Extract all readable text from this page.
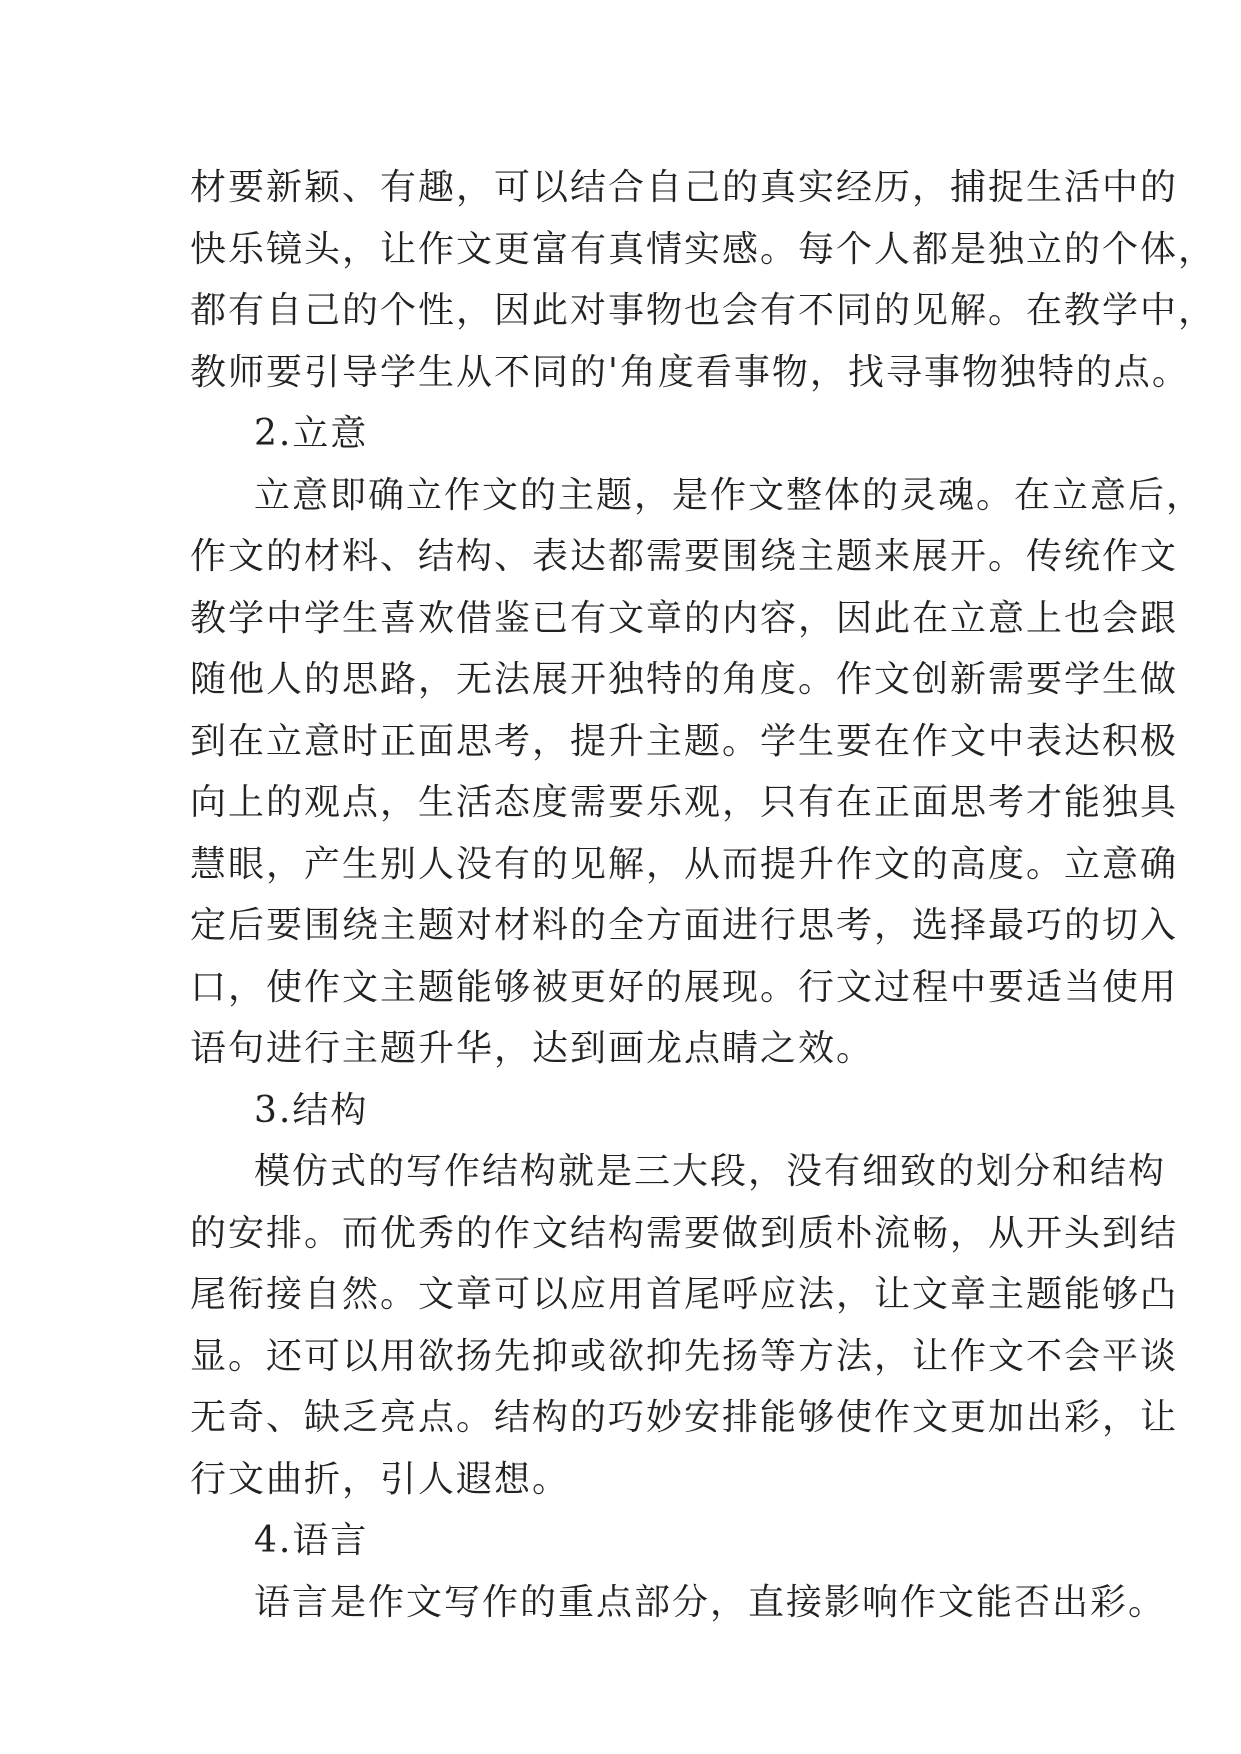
材要新颖、有趣，可以结合自己的真实经历，捕捉生活中的
快乐镜头，让作文更富有真情实感。每个人都是独立的个体，
都有自己的个性，因此对事物也会有不同的见解。在教学中，
教师要引导学生从不同的'角度看事物，找寻事物独特的点。
2.立意
立意即确立作文的主题，是作文整体的灵魂。在立意后，
作文的材料、结构、表达都需要围绕主题来展开。传统作文
教学中学生喜欢借鉴已有文章的内容，因此在立意上也会跟
随他人的思路，无法展开独特的角度。作文创新需要学生做
到在立意时正面思考，提升主题。学生要在作文中表达积极
向上的观点，生活态度需要乐观，只有在正面思考才能独具
慧眼，产生别人没有的见解，从而提升作文的高度。立意确
定后要围绕主题对材料的全方面进行思考，选择最巧的切入
口，使作文主题能够被更好的展现。行文过程中要适当使用
语句进行主题升华，达到画龙点睛之效。
3.结构
模仿式的写作结构就是三大段，没有细致的划分和结构
的安排。而优秀的作文结构需要做到质朴流畅，从开头到结
尾衔接自然。文章可以应用首尾呼应法，让文章主题能够凸
显。还可以用欲扬先抑或欲抑先扬等方法，让作文不会平谈
无奇、缺乏亮点。结构的巧妙安排能够使作文更加出彩，让
行文曲折，引人遐想。
4.语言
语言是作文写作的重点部分，直接影响作文能否出彩。
